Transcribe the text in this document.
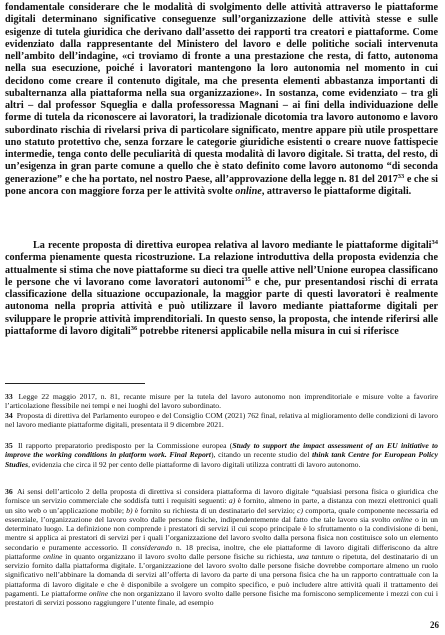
fondamentale considerare che le modalità di svolgimento delle attività attraverso le piattaforme digitali determinano significative conseguenze sull’organizzazione delle attività stesse e sulle esigenze di tutela giuridica che derivano dall’assetto dei rapporti tra creatori e piattaforme. Come evidenziato dalla rappresentante del Ministero del lavoro e delle politiche sociali intervenuta nell’ambito dell’indagine, «ci troviamo di fronte a una prestazione che resta, di fatto, autonoma nella sua esecuzione, poiché i lavoratori mantengono la loro autonomia nel momento in cui decidono come creare il contenuto digitale, ma che presenta elementi abbastanza importanti di subalternanza alla piattaforma nella sua organizzazione». In sostanza, come evidenziato – tra gli altri – dal professor Squeglia e dalla professoressa Magnani – ai fini della individuazione delle forme di tutela da riconoscere ai lavoratori, la tradizionale dicotomia tra lavoro autonomo e lavoro subordinato rischia di rivelarsi priva di particolare significato, mentre appare più utile prospettare uno statuto protettivo che, senza forzare le categorie giuridiche esistenti o creare nuove fattispecie intermedie, tenga conto delle peculiarità di questa modalità di lavoro digitale. Si tratta, del resto, di un’esigenza in gran parte comune a quello che è stato definito come lavoro autonomo “di seconda generazione” e che ha portato, nel nostro Paese, all’approvazione della legge n. 81 del 2017$^{33}$ e che si pone ancora con maggiore forza per le attività svolte online, attraverso le piattaforme digitali.

La recente proposta di direttiva europea relativa al lavoro mediante le piattaforme digitali$^{34}$ conferma pienamente questa ricostruzione. La relazione introduttiva della proposta evidenzia che attualmente si stima che nove piattaforme su dieci tra quelle attive nell’Unione europea classificano le persone che vi lavorano come lavoratori autonomi$^{35}$ e che, pur presentandosi rischi di errata classificazione della situazione occupazionale, la maggior parte di questi lavoratori è realmente autonoma nella propria attività e può utilizzare il lavoro mediante piattaforme digitali per sviluppare le proprie attività imprenditoriali. In questo senso, la proposta, che intende riferirsi alle piattaforme di lavoro digitali$^{36}$ potrebbe ritenersi applicabile nella misura in cui si riferisce

33 Legge 22 maggio 2017, n. 81, recante misure per la tutela del lavoro autonomo non imprenditoriale e misure volte a favorire l’articolazione flessibile nei tempi e nei luoghi del lavoro subordinato.

34 Proposta di direttiva del Parlamento europeo e del Consiglio COM (2021) 762 final, relativa al miglioramento delle condizioni di lavoro nel lavoro mediante piattaforme digitali, presentata il 9 dicembre 2021.

35 Il rapporto preparatorio predisposto per la Commissione europea (Study to support the impact assessment of an EU initiative to improve the working conditions in platform work. Final Report), citando un recente studio del think tank Centre for European Policy Studies, evidenzia che circa il 92 per cento delle piattaforme di lavoro digitali utilizza contratti di lavoro autonomo.

36 Ai sensi dell’articolo 2 della proposta di direttiva si considera piattaforma di lavoro digitale “qualsiasi persona fisica o giuridica che fornisce un servizio commerciale che soddisfa tutti i requisiti seguenti: a) è fornito, almeno in parte, a distanza con mezzi elettronici quali un sito web o un’applicazione mobile; b) è fornito su richiesta di un destinatario del servizio; c) comporta, quale componente necessaria ed essenziale, l’organizzazione del lavoro svolto dalle persone fisiche, indipendentemente dal fatto che tale lavoro sia svolto online o in un determinato luogo. La definizione non comprende i prestatori di servizi il cui scopo principale è lo sfruttamento o la condivisione di beni, mentre si applica ai prestatori di servizi per i quali l’organizzazione del lavoro svolto dalla persona fisica non costituisce solo un elemento secondario e puramente accessorio. Il considerando n. 18 precisa, inoltre, che ele piattaforme di lavoro digitali differiscono da altre piattaforme online in quanto organizzano il lavoro svolto dalle persone fisiche su richiesta, una tantum o ripetuta, del destinatario di un servizio fornito dalla piattaforma digitale. L’organizzazione del lavoro svolto dalle persone fisiche dovrebbe comportare almeno un ruolo significativo nell’abbinare la domanda di servizi all’offerta di lavoro da parte di una persona fisica che ha un rapporto contrattuale con la piattaforma di lavoro digitale e che è disponibile a svolgere un compito specifico, e può includere altre attività quali il trattamento dei pagamenti. Le piattaforme online che non organizzano il lavoro svolto dalle persone fisiche ma forniscono semplicemente i mezzi con cui i prestatori di servizi possono raggiungere l’utente finale, ad esempio

26
